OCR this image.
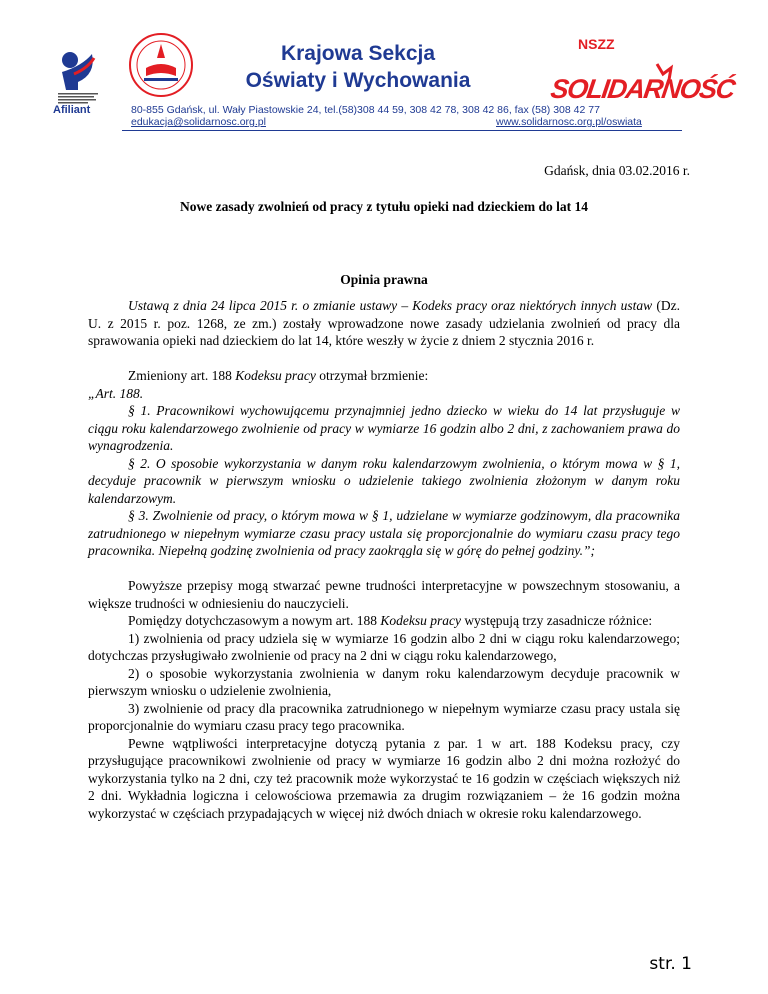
Afiliant
Krajowa Sekcja
Oświaty i Wychowania
NSZZ
SOLIDARNOŚĆ
80-855 Gdańsk, ul. Wały Piastowskie 24, tel.(58)308 44 59, 308 42 78, 308 42 86, fax (58) 308 42 77
edukacja@solidarnosc.org.pl	www.solidarnosc.org.pl/oswiata
Gdańsk, dnia 03.02.2016 r.
Nowe zasady zwolnień od pracy z tytułu opieki nad dzieckiem do lat 14
Opinia prawna

Ustawą z dnia 24 lipca 2015 r. o zmianie ustawy – Kodeks pracy oraz niektórych innych ustaw (Dz. U. z 2015 r. poz. 1268, ze zm.) zostały wprowadzone nowe zasady udzielania zwolnień od pracy dla sprawowania opieki nad dzieckiem do lat 14, które weszły w życie z dniem 2 stycznia 2016 r.

Zmieniony art. 188 Kodeksu pracy otrzymał brzmienie:

„Art. 188.

§ 1. Pracownikowi wychowującemu przynajmniej jedno dziecko w wieku do 14 lat przysługuje w ciągu roku kalendarzowego zwolnienie od pracy w wymiarze 16 godzin albo 2 dni, z zachowaniem prawa do wynagrodzenia.

§ 2. O sposobie wykorzystania w danym roku kalendarzowym zwolnienia, o którym mowa w § 1, decyduje pracownik w pierwszym wniosku o udzielenie takiego zwolnienia złożonym w danym roku kalendarzowym.

§ 3. Zwolnienie od pracy, o którym mowa w § 1, udzielane w wymiarze godzinowym, dla pracownika zatrudnionego w niepełnym wymiarze czasu pracy ustala się proporcjonalnie do wymiaru czasu pracy tego pracownika. Niepełną godzinę zwolnienia od pracy zaokrągla się w górę do pełnej godziny.”;

Powyższe przepisy mogą stwarzać pewne trudności interpretacyjne w powszechnym stosowaniu, a większe trudności w odniesieniu do nauczycieli.

Pomiędzy dotychczasowym a nowym art. 188 Kodeksu pracy występują trzy zasadnicze różnice:

1) zwolnienia od pracy udziela się w wymiarze 16 godzin albo 2 dni w ciągu roku kalendarzowego; dotychczas przysługiwało zwolnienie od pracy na 2 dni w ciągu roku kalendarzowego,

2) o sposobie wykorzystania zwolnienia w danym roku kalendarzowym decyduje pracownik w pierwszym wniosku o udzielenie zwolnienia,

3) zwolnienie od pracy dla pracownika zatrudnionego w niepełnym wymiarze czasu pracy ustala się proporcjonalnie do wymiaru czasu pracy tego pracownika.

Pewne wątpliwości interpretacyjne dotyczą pytania z par. 1 w art. 188 Kodeksu pracy, czy przysługujące pracownikowi zwolnienie od pracy w wymiarze 16 godzin albo 2 dni można rozłożyć do wykorzystania tylko na 2 dni, czy też pracownik może wykorzystać te 16 godzin w częściach większych niż 2 dni. Wykładnia logiczna i celowościowa przemawia za drugim rozwiązaniem – że 16 godzin można wykorzystać w częściach przypadających w więcej niż dwóch dniach w okresie roku kalendarzowego.

str. 1
